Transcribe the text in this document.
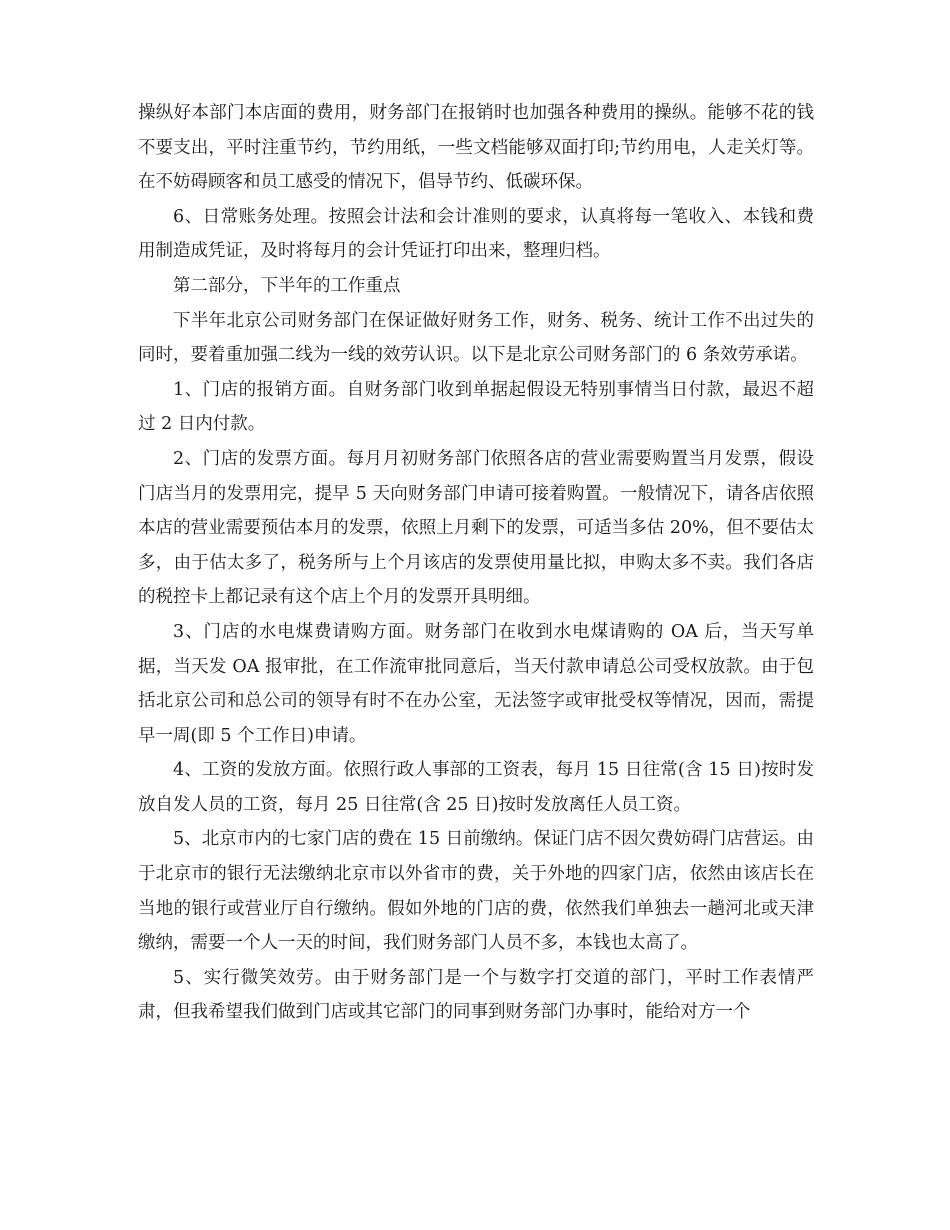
操纵好本部门本店面的费用，财务部门在报销时也加强各种费用的操纵。能够不花的钱不要支出，平时注重节约，节约用纸，一些文档能够双面打印;节约用电，人走关灯等。在不妨碍顾客和员工感受的情况下，倡导节约、低碳环保。

6、日常账务处理。按照会计法和会计准则的要求，认真将每一笔收入、本钱和费用制造成凭证，及时将每月的会计凭证打印出来，整理归档。

第二部分，下半年的工作重点

下半年北京公司财务部门在保证做好财务工作，财务、税务、统计工作不出过失的同时，要着重加强二线为一线的效劳认识。以下是北京公司财务部门的 6 条效劳承诺。

1、门店的报销方面。自财务部门收到单据起假设无特别事情当日付款，最迟不超过 2 日内付款。

2、门店的发票方面。每月月初财务部门依照各店的营业需要购置当月发票，假设门店当月的发票用完，提早 5 天向财务部门申请可接着购置。一般情况下，请各店依照本店的营业需要预估本月的发票，依照上月剩下的发票，可适当多估 20%，但不要估太多，由于估太多了，税务所与上个月该店的发票使用量比拟，申购太多不卖。我们各店的税控卡上都记录有这个店上个月的发票开具明细。

3、门店的水电煤费请购方面。财务部门在收到水电煤请购的 OA 后，当天写单据，当天发 OA 报审批，在工作流审批同意后，当天付款申请总公司受权放款。由于包括北京公司和总公司的领导有时不在办公室，无法签字或审批受权等情况，因而，需提早一周(即 5 个工作日)申请。

4、工资的发放方面。依照行政人事部的工资表，每月 15 日往常(含 15 日)按时发放自发人员的工资，每月 25 日往常(含 25 日)按时发放离任人员工资。

5、北京市内的七家门店的费在 15 日前缴纳。保证门店不因欠费妨碍门店营运。由于北京市的银行无法缴纳北京市以外省市的费，关于外地的四家门店，依然由该店长在当地的银行或营业厅自行缴纳。假如外地的门店的费，依然我们单独去一趟河北或天津缴纳，需要一个人一天的时间，我们财务部门人员不多，本钱也太高了。

5、实行微笑效劳。由于财务部门是一个与数字打交道的部门，平时工作表情严肃，但我希望我们做到门店或其它部门的同事到财务部门办事时，能给对方一个
